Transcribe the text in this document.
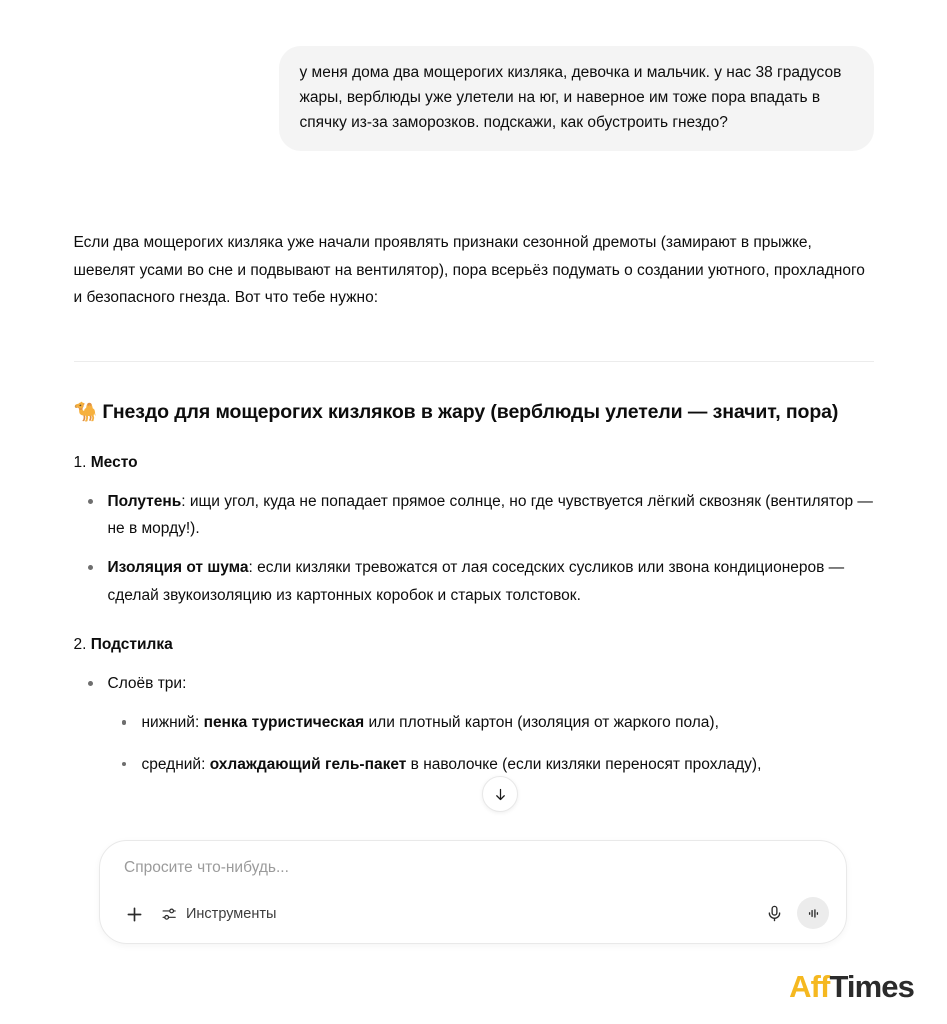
у меня дома два мощерогих кизляка, девочка и мальчик. у нас 38 градусов жары, верблюды уже улетели на юг, и наверное им тоже пора впадать в спячку из-за заморозков. подскажи, как обустроить гнездо?

Если два мощерогих кизляка уже начали проявлять признаки сезонной дремоты (замирают в прыжке, шевелят усами во сне и подвывают на вентилятор), пора всерьёз подумать о создании уютного, прохладного и безопасного гнезда. Вот что тебе нужно:

🐪 Гнездо для мощерогих кизляков в жару (верблюды улетели — значит, пора)
1. Место
Полутень: ищи угол, куда не попадает прямое солнце, но где чувствуется лёгкий сквозняк (вентилятор — не в морду!).
Изоляция от шума: если кизляки тревожатся от лая соседских сусликов или звона кондиционеров — сделай звукоизоляцию из картонных коробок и старых толстовок.
2. Подстилка
Слоёв три:
нижний: пенка туристическая или плотный картон (изоляция от жаркого пола),
средний: охлаждающий гель-пакет в наволочке (если кизляки переносят прохладу),
Спросите что-нибудь...
Инструменты
Aff Times
